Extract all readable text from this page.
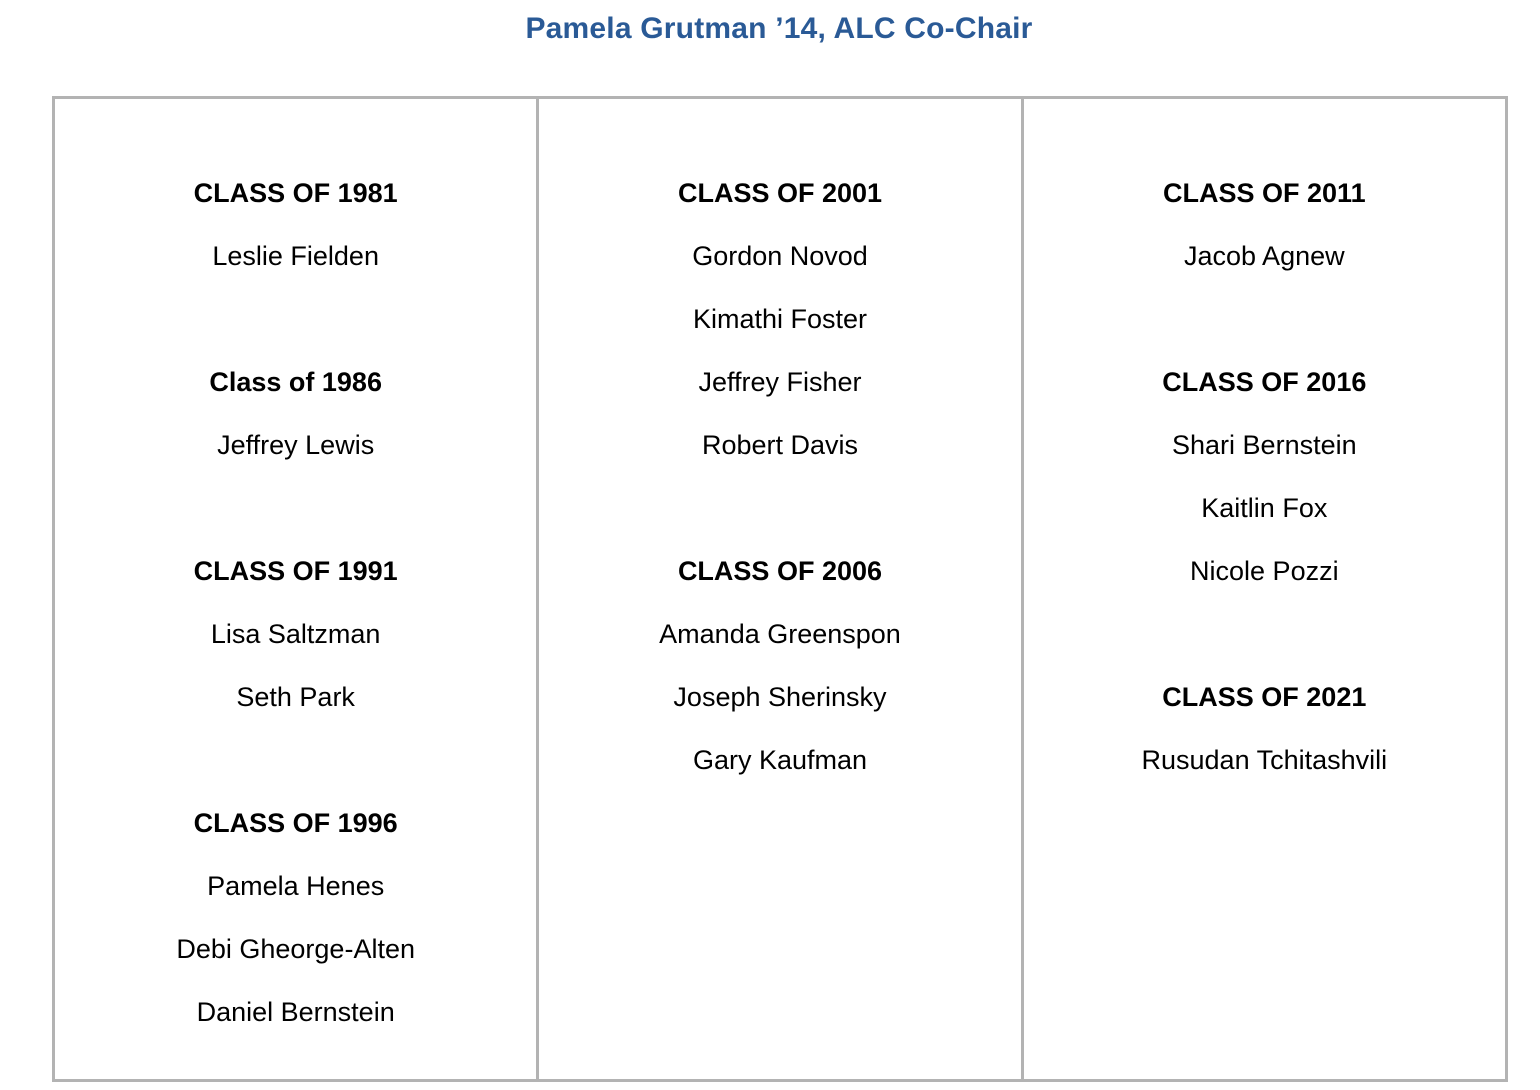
Pamela Grutman ’14, ALC Co-Chair
CLASS OF 1981
Leslie Fielden
Class of 1986
Jeffrey Lewis
CLASS OF 1991
Lisa Saltzman
Seth Park
CLASS OF 1996
Pamela Henes
Debi Gheorge-Alten
Daniel Bernstein
CLASS OF 2001
Gordon Novod
Kimathi Foster
Jeffrey Fisher
Robert Davis
CLASS OF 2006
Amanda Greenspon
Joseph Sherinsky
Gary Kaufman
CLASS OF 2011
Jacob Agnew
CLASS OF 2016
Shari Bernstein
Kaitlin Fox
Nicole Pozzi
CLASS OF 2021
Rusudan Tchitashvili
